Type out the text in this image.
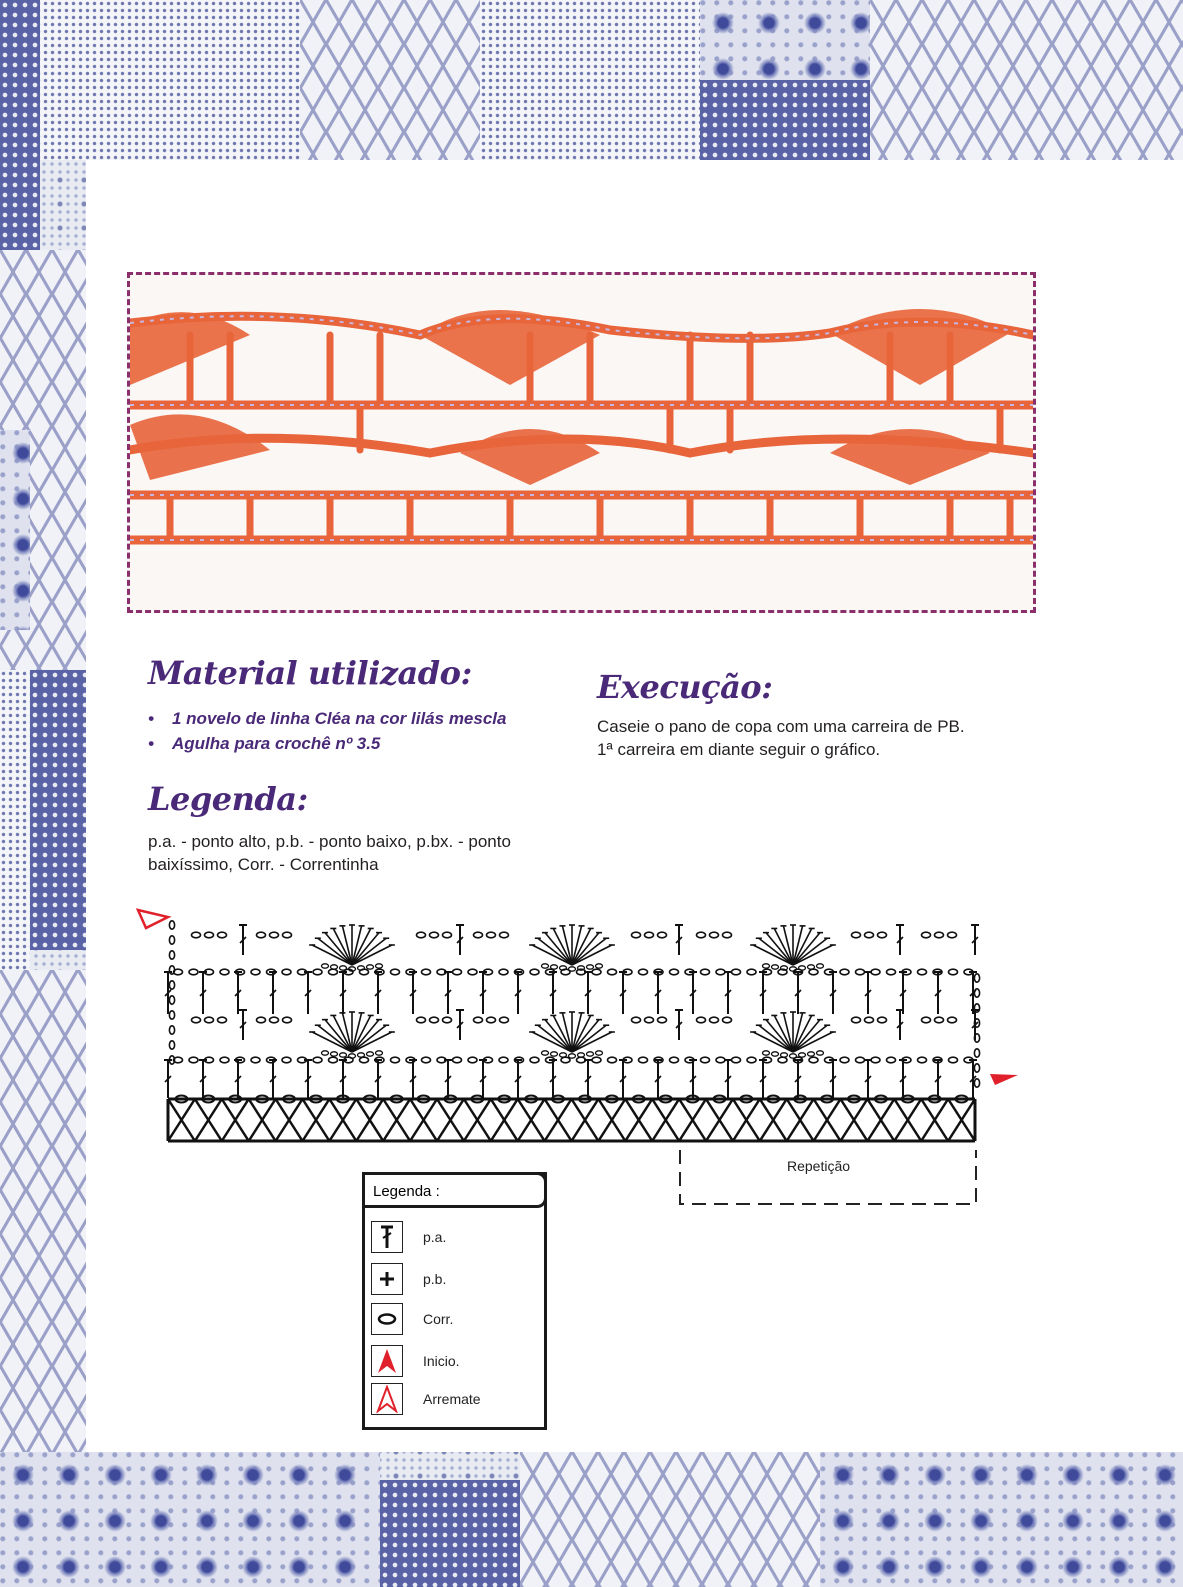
Material utilizado:
• 1 novelo de linha Cléa na cor lilás mescla
• Agulha para crochê nº 3.5
Execução:
Caseie o pano de copa com uma carreira de PB.
1ª carreira em diante seguir o gráfico.
Legenda:
p.a. - ponto alto, p.b. - ponto baixo, p.bx. - ponto baixíssimo, Corr. - Correntinha
Repetição
Legenda :
p.a.
p.b.
Corr.
Inicio.
Arremate
